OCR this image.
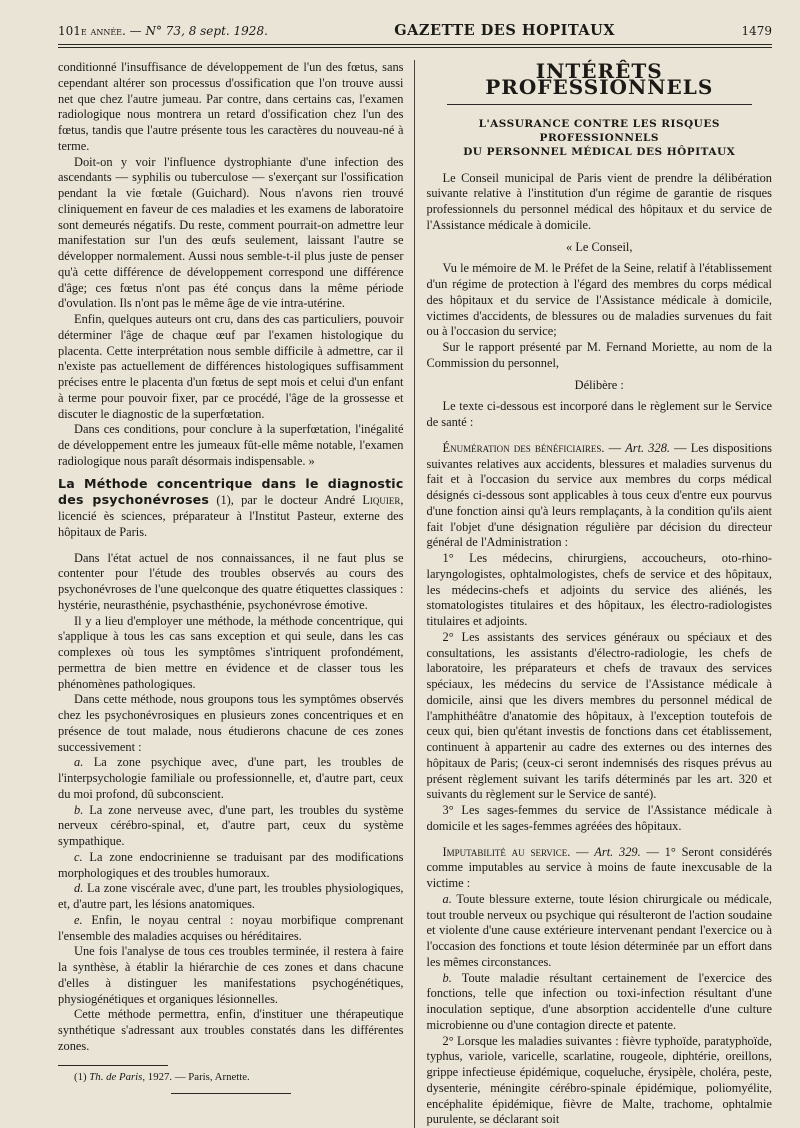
101e année. — N° 73, 8 sept. 1928.	GAZETTE DES HOPITAUX	1479

conditionné l'insuffisance de développement de l'un des fœtus, sans cependant altérer son processus d'ossification que l'on trouve aussi net que chez l'autre jumeau. Par contre, dans certains cas, l'examen radiologique nous montrera un retard d'ossification chez l'un des fœtus, tandis que l'autre présente tous les caractères du nouveau-né à terme.

Doit-on y voir l'influence dystrophiante d'une infection des ascendants — syphilis ou tuberculose — s'exerçant sur l'ossification pendant la vie fœtale (Guichard). Nous n'avons rien trouvé cliniquement en faveur de ces maladies et les examens de laboratoire sont demeurés négatifs. Du reste, comment pourrait-on admettre leur manifestation sur l'un des œufs seulement, laissant l'autre se développer normalement. Aussi nous semble-t-il plus juste de penser qu'à cette différence de développement correspond une différence d'âge; ces fœtus n'ont pas été conçus dans la même période d'ovulation. Ils n'ont pas le même âge de vie intra-utérine.

Enfin, quelques auteurs ont cru, dans des cas particuliers, pouvoir déterminer l'âge de chaque œuf par l'examen histologique du placenta. Cette interprétation nous semble difficile à admettre, car il n'existe pas actuellement de différences histologiques suffisamment précises entre le placenta d'un fœtus de sept mois et celui d'un enfant à terme pour pouvoir fixer, par ce procédé, l'âge de la grossesse et discuter le diagnostic de la superfœtation.

Dans ces conditions, pour conclure à la superfœtation, l'inégalité de développement entre les jumeaux fût-elle même notable, l'examen radiologique nous paraît désormais indispensable. »

La Méthode concentrique dans le diagnostic des psychonévroses (1), par le docteur André Liquier, licencié ès sciences, préparateur à l'Institut Pasteur, externe des hôpitaux de Paris.

Dans l'état actuel de nos connaissances, il ne faut plus se contenter pour l'étude des troubles observés au cours des psychonévroses de l'une quelconque des quatre étiquettes classiques : hystérie, neurasthénie, psychasthénie, psychonévrose émotive.

Il y a lieu d'employer une méthode, la méthode concentrique, qui s'applique à tous les cas sans exception et qui seule, dans les cas complexes où tous les symptômes s'intriquent profondément, permettra de bien mettre en évidence et de classer tous les phénomènes pathologiques.

Dans cette méthode, nous groupons tous les symptômes observés chez les psychonévrosiques en plusieurs zones concentriques et en présence de tout malade, nous étudierons chacune de ces zones successivement :

a. La zone psychique avec, d'une part, les troubles de l'interpsychologie familiale ou professionnelle, et, d'autre part, ceux du moi profond, dû subconscient.

b. La zone nerveuse avec, d'une part, les troubles du système nerveux cérébro-spinal, et, d'autre part, ceux du système sympathique.

c. La zone endocrinienne se traduisant par des modifications morphologiques et des troubles humoraux.

d. La zone viscérale avec, d'une part, les troubles physiologiques, et, d'autre part, les lésions anatomiques.

e. Enfin, le noyau central : noyau morbifique comprenant l'ensemble des maladies acquises ou héréditaires.

Une fois l'analyse de tous ces troubles terminée, il restera à faire la synthèse, à établir la hiérarchie de ces zones et dans chacune d'elles à distinguer les manifestations psychogénétiques, physiogénétiques et organiques lésionnelles.

Cette méthode permettra, enfin, d'instituer une thérapeutique synthétique s'adressant aux troubles constatés dans les différentes zones.

(1) Th. de Paris, 1927. — Paris, Arnette.

INTÉRÊTS PROFESSIONNELS
L'ASSURANCE CONTRE LES RISQUES PROFESSIONNELS
DU PERSONNEL MÉDICAL DES HÔPITAUX

Le Conseil municipal de Paris vient de prendre la délibération suivante relative à l'institution d'un régime de garantie de risques professionnels du personnel médical des hôpitaux et du service de l'Assistance médicale à domicile.

« Le Conseil,

Vu le mémoire de M. le Préfet de la Seine, relatif à l'établissement d'un régime de protection à l'égard des membres du corps médical des hôpitaux et du service de l'Assistance médicale à domicile, victimes d'accidents, de blessures ou de maladies survenues du fait ou à l'occasion du service;

Sur le rapport présenté par M. Fernand Moriette, au nom de la Commission du personnel,

Délibère :

Le texte ci-dessous est incorporé dans le règlement sur le Service de santé :

Énumération des bénéficiaires. — Art. 328. — Les dispositions suivantes relatives aux accidents, blessures et maladies survenus du fait et à l'occasion du service aux membres du corps médical désignés ci-dessous sont applicables à tous ceux d'entre eux pourvus d'une fonction ainsi qu'à leurs remplaçants, à la condition qu'ils aient fait l'objet d'une désignation régulière par décision du directeur général de l'Administration :

1° Les médecins, chirurgiens, accoucheurs, oto-rhino-laryngologistes, ophtalmologistes, chefs de service et des hôpitaux, les médecins-chefs et adjoints du service des aliénés, les stomatologistes titulaires et des hôpitaux, les électro-radiologistes titulaires et adjoints.

2° Les assistants des services généraux ou spéciaux et des consultations, les assistants d'électro-radiologie, les chefs de laboratoire, les préparateurs et chefs de travaux des services spéciaux, les médecins du service de l'Assistance médicale à domicile, ainsi que les divers membres du personnel médical de l'amphithéâtre d'anatomie des hôpitaux, à l'exception toutefois de ceux qui, bien qu'étant investis de fonctions dans cet établissement, continuent à appartenir au cadre des externes ou des internes des hôpitaux de Paris; (ceux-ci seront indemnisés des risques prévus au présent règlement suivant les tarifs déterminés par les art. 320 et suivants du règlement sur le Service de santé).

3° Les sages-femmes du service de l'Assistance médicale à domicile et les sages-femmes agréées des hôpitaux.

Imputabilité au service. — Art. 329. — 1° Seront considérés comme imputables au service à moins de faute inexcusable de la victime :

a. Toute blessure externe, toute lésion chirurgicale ou médicale, tout trouble nerveux ou psychique qui résulteront de l'action soudaine et violente d'une cause extérieure intervenant pendant l'exercice ou à l'occasion des fonctions et toute lésion déterminée par un effort dans les mêmes circonstances.

b. Toute maladie résultant certainement de l'exercice des fonctions, telle que infection ou toxi-infection résultant d'une inoculation septique, d'une absorption accidentelle d'une culture microbienne ou d'une contagion directe et patente.

2° Lorsque les maladies suivantes : fièvre typhoïde, paratyphoïde, typhus, variole, varicelle, scarlatine, rougeole, diphtérie, oreillons, grippe infectieuse épidémique, coqueluche, érysipèle, choléra, peste, dysenterie, méningite cérébro-spinale épidémique, poliomyélite, encéphalite épidémique, fièvre de Malte, trachome, ophtalmie purulente, se déclarant soit
